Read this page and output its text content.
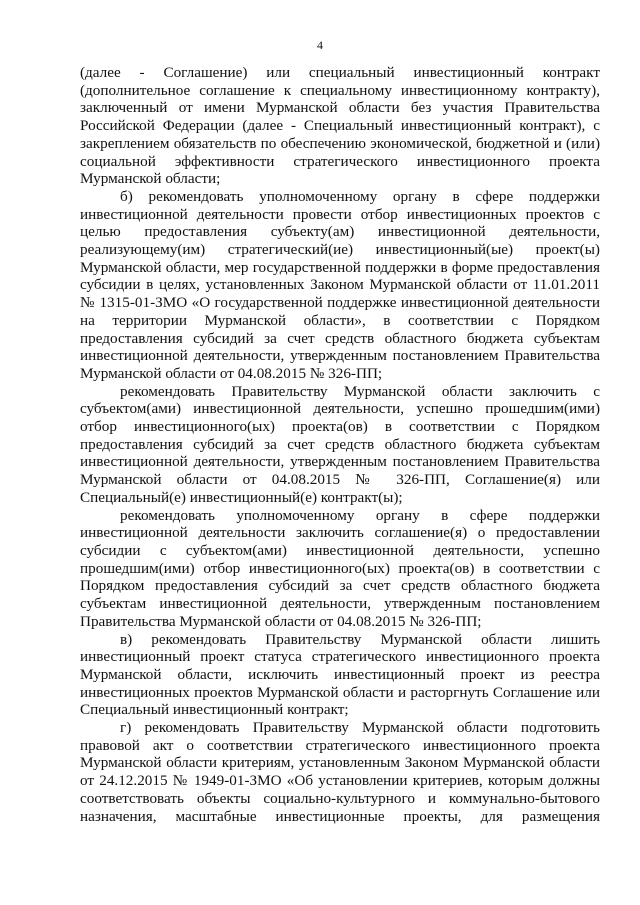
4

(далее - Соглашение) или специальный инвестиционный контракт (дополнительное соглашение к специальному инвестиционному контракту), заключенный от имени Мурманской области без участия Правительства Российской Федерации (далее - Специальный инвестиционный контракт), с закреплением обязательств по обеспечению экономической, бюджетной и (или) социальной эффективности стратегического инвестиционного проекта Мурманской области;

б) рекомендовать уполномоченному органу в сфере поддержки инвестиционной деятельности провести отбор инвестиционных проектов с целью предоставления субъекту(ам) инвестиционной деятельности, реализующему(им) стратегический(ие) инвестиционный(ые) проект(ы) Мурманской области, мер государственной поддержки в форме предоставления субсидии в целях, установленных Законом Мурманской области от 11.01.2011 № 1315-01-ЗМО «О государственной поддержке инвестиционной деятельности на территории Мурманской области», в соответствии с Порядком предоставления субсидий за счет средств областного бюджета субъектам инвестиционной деятельности, утвержденным постановлением Правительства Мурманской области от 04.08.2015 № 326-ПП;

рекомендовать Правительству Мурманской области заключить с субъектом(ами) инвестиционной деятельности, успешно прошедшим(ими) отбор инвестиционного(ых) проекта(ов) в соответствии с Порядком предоставления субсидий за счет средств областного бюджета субъектам инвестиционной деятельности, утвержденным постановлением Правительства Мурманской области от 04.08.2015 № 326-ПП, Соглашение(я) или Специальный(е) инвестиционный(е) контракт(ы);

рекомендовать уполномоченному органу в сфере поддержки инвестиционной деятельности заключить соглашение(я) о предоставлении субсидии с субъектом(ами) инвестиционной деятельности, успешно прошедшим(ими) отбор инвестиционного(ых) проекта(ов) в соответствии с Порядком предоставления субсидий за счет средств областного бюджета субъектам инвестиционной деятельности, утвержденным постановлением Правительства Мурманской области от 04.08.2015 № 326-ПП;

в) рекомендовать Правительству Мурманской области лишить инвестиционный проект статуса стратегического инвестиционного проекта Мурманской области, исключить инвестиционный проект из реестра инвестиционных проектов Мурманской области и расторгнуть Соглашение или Специальный инвестиционный контракт;

г) рекомендовать Правительству Мурманской области подготовить правовой акт о соответствии стратегического инвестиционного проекта Мурманской области критериям, установленным Законом Мурманской области от 24.12.2015 № 1949-01-ЗМО «Об установлении критериев, которым должны соответствовать объекты социально-культурного и коммунально-бытового назначения, масштабные инвестиционные проекты, для размещения
